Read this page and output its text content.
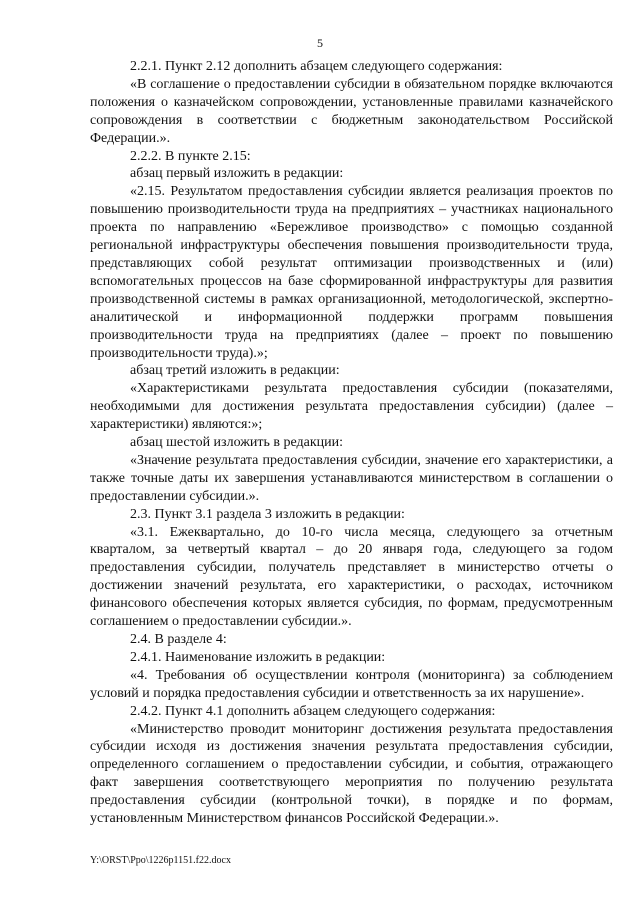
5

2.2.1. Пункт 2.12 дополнить абзацем следующего содержания:

«В соглашение о предоставлении субсидии в обязательном порядке включаются положения о казначейском сопровождении, установленные правилами казначейского сопровождения в соответствии с бюджетным законодательством Российской Федерации.».

2.2.2. В пункте 2.15:

абзац первый изложить в редакции:

«2.15. Результатом предоставления субсидии является реализация проектов по повышению производительности труда на предприятиях – участниках национального проекта по направлению «Бережливое производство» с помощью созданной региональной инфраструктуры обеспечения повышения производительности труда, представляющих собой результат оптимизации производственных и (или) вспомогательных процессов на базе сформированной инфраструктуры для развития производственной системы в рамках организационной, методологической, экспертно-аналитической и информационной поддержки программ повышения производительности труда на предприятиях (далее – проект по повышению производительности труда).»;

абзац третий изложить в редакции:

«Характеристиками результата предоставления субсидии (показателями, необходимыми для достижения результата предоставления субсидии) (далее – характеристики) являются:»;

абзац шестой изложить в редакции:

«Значение результата предоставления субсидии, значение его характеристики, а также точные даты их завершения устанавливаются министерством в соглашении о предоставлении субсидии.».

2.3. Пункт 3.1 раздела 3 изложить в редакции:

«3.1. Ежеквартально, до 10-го числа месяца, следующего за отчетным кварталом, за четвертый квартал – до 20 января года, следующего за годом предоставления субсидии, получатель представляет в министерство отчеты о достижении значений результата, его характеристики, о расходах, источником финансового обеспечения которых является субсидия, по формам, предусмотренным соглашением о предоставлении субсидии.».

2.4. В разделе 4:

2.4.1. Наименование изложить в редакции:

«4. Требования об осуществлении контроля (мониторинга) за соблюдением условий и порядка предоставления субсидии и ответственность за их нарушение».

2.4.2. Пункт 4.1 дополнить абзацем следующего содержания:

«Министерство проводит мониторинг достижения результата предоставления субсидии исходя из достижения значения результата предоставления субсидии, определенного соглашением о предоставлении субсидии, и события, отражающего факт завершения соответствующего мероприятия по получению результата предоставления субсидии (контрольной точки), в порядке и по формам, установленным Министерством финансов Российской Федерации.».

Y:\ORST\Ppo\1226p1151.f22.docx
